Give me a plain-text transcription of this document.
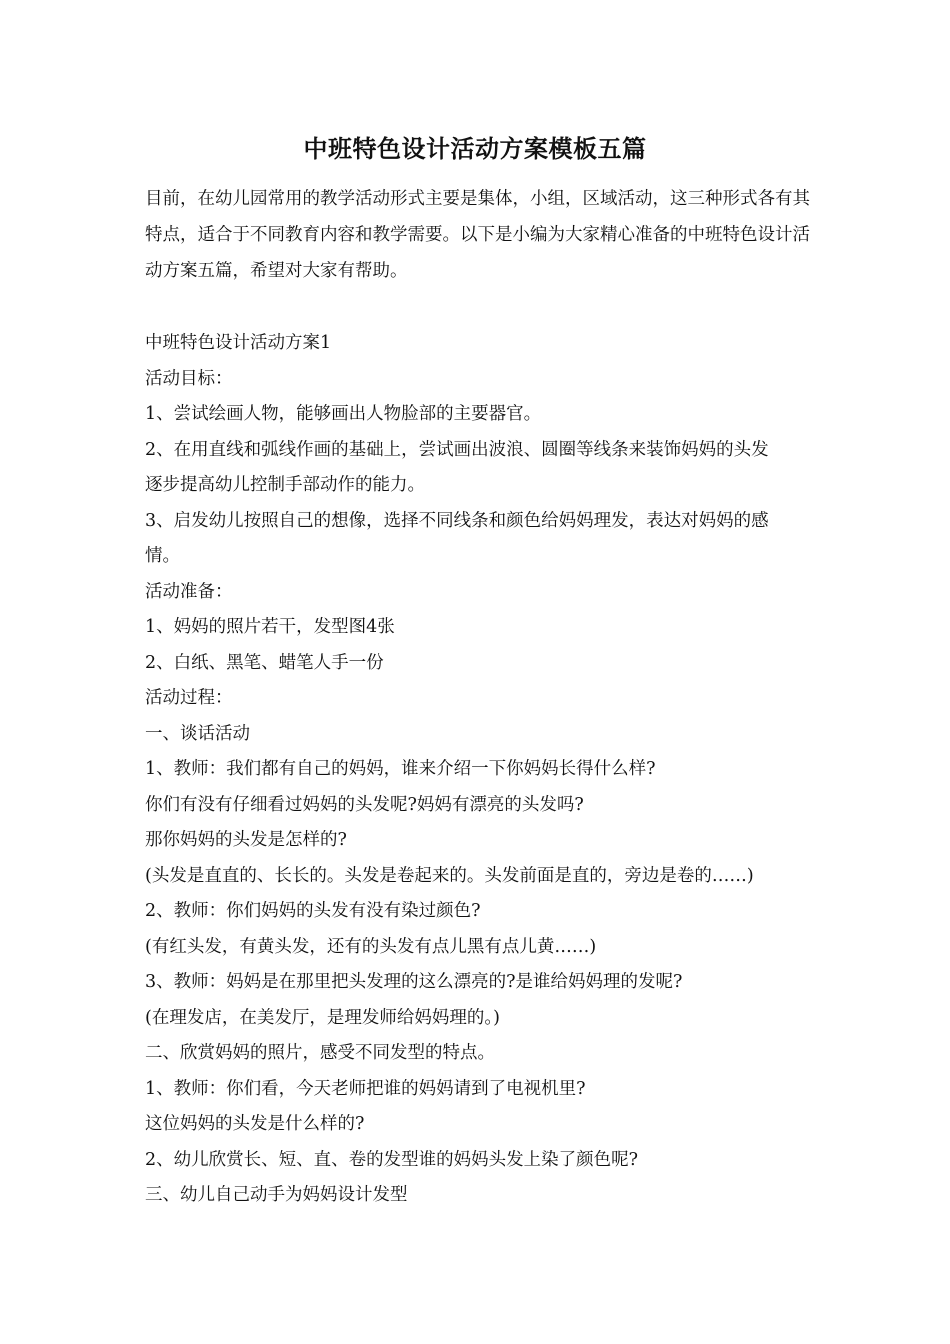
中班特色设计活动方案模板五篇
目前，在幼儿园常用的教学活动形式主要是集体，小组，区域活动，这三种形式各有其特点，适合于不同教育内容和教学需要。以下是小编为大家精心准备的中班特色设计活动方案五篇，希望对大家有帮助。
中班特色设计活动方案1
活动目标：
1、尝试绘画人物，能够画出人物脸部的主要器官。
2、在用直线和弧线作画的基础上，尝试画出波浪、圆圈等线条来装饰妈妈的头发
逐步提高幼儿控制手部动作的能力。
3、启发幼儿按照自己的想像，选择不同线条和颜色给妈妈理发，表达对妈妈的感
情。
活动准备：
1、妈妈的照片若干，发型图4张
2、白纸、黑笔、蜡笔人手一份
活动过程：
一、谈话活动
1、教师：我们都有自己的妈妈，谁来介绍一下你妈妈长得什么样?
你们有没有仔细看过妈妈的头发呢?妈妈有漂亮的头发吗?
那你妈妈的头发是怎样的?
(头发是直直的、长长的。头发是卷起来的。头发前面是直的，旁边是卷的……)
2、教师：你们妈妈的头发有没有染过颜色?
(有红头发，有黄头发，还有的头发有点儿黑有点儿黄……)
3、教师：妈妈是在那里把头发理的这么漂亮的?是谁给妈妈理的发呢?
(在理发店，在美发厅，是理发师给妈妈理的。)
二、欣赏妈妈的照片，感受不同发型的特点。
1、教师：你们看，今天老师把谁的妈妈请到了电视机里?
这位妈妈的头发是什么样的?
2、幼儿欣赏长、短、直、卷的发型谁的妈妈头发上染了颜色呢?
三、幼儿自己动手为妈妈设计发型
